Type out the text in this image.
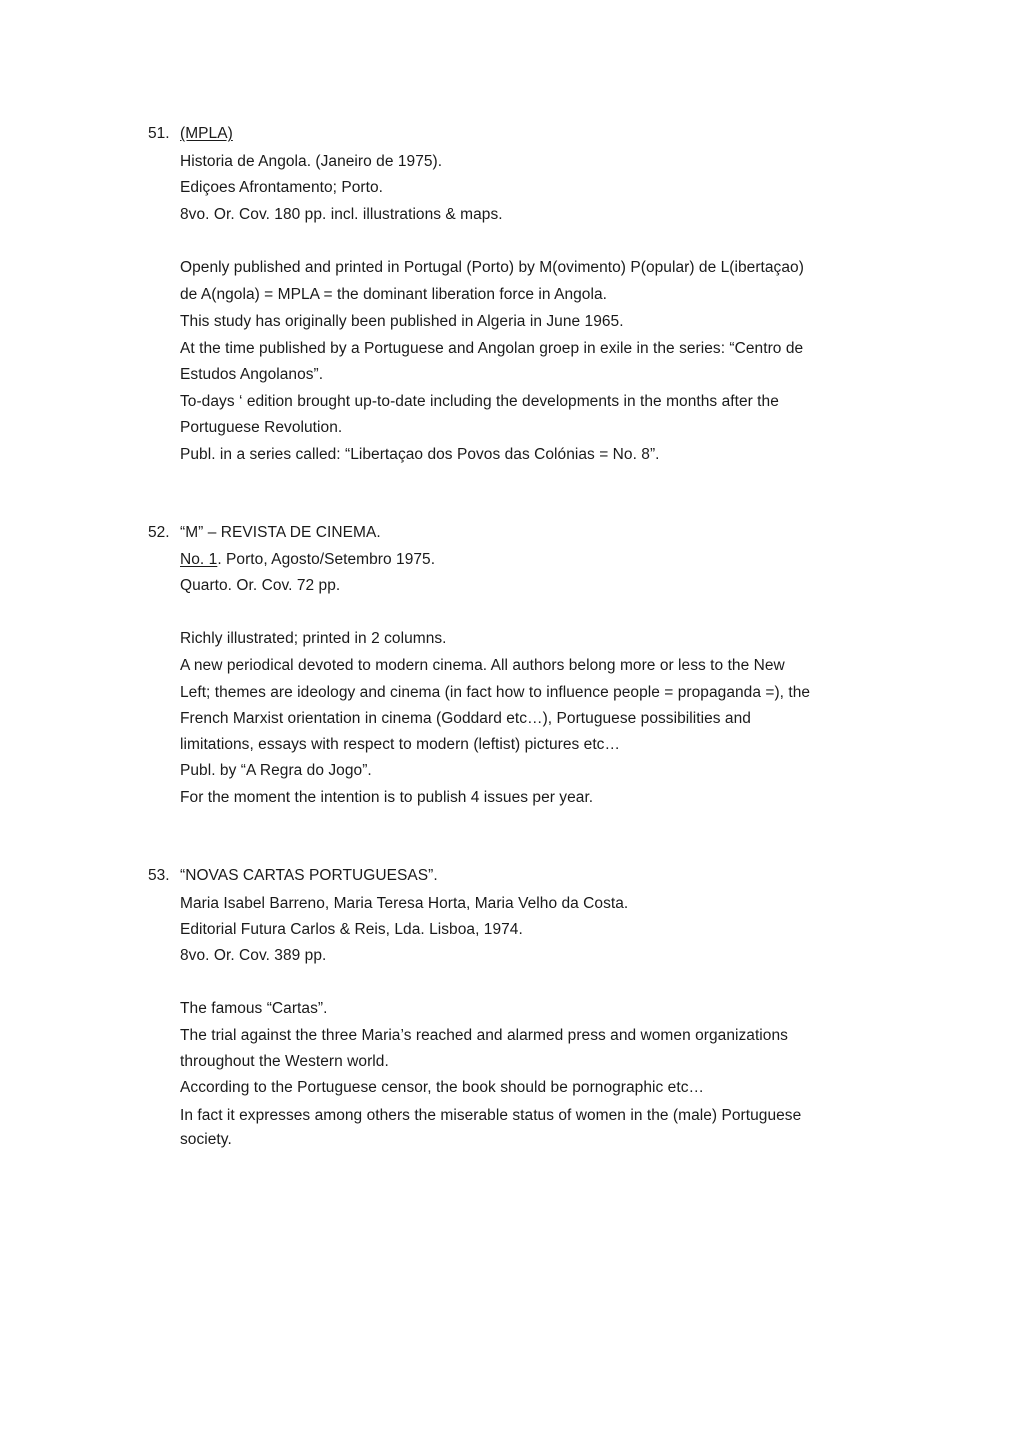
51. (MPLA)
Historia de Angola. (Janeiro de 1975).
Ediçoes Afrontamento; Porto.
8vo. Or. Cov. 180 pp. incl. illustrations & maps.
Openly published and printed in Portugal (Porto) by M(ovimento) P(opular) de L(ibertaçao)
de A(ngola) = MPLA = the dominant liberation force in Angola.
This study has originally been published in Algeria in June 1965.
At the time published by a Portuguese and Angolan groep in exile in the series: “Centro de
Estudos Angolanos”.
To-days ‘ edition brought up-to-date including the developments in the months after the
Portuguese Revolution.
Publ. in a series called: “Libertaçao dos Povos das Colónias = No. 8”.
52. “M” – REVISTA DE CINEMA.
No. 1. Porto, Agosto/Setembro 1975.
Quarto. Or. Cov. 72 pp.
Richly illustrated; printed in 2 columns.
A new periodical devoted to modern cinema. All authors belong more or less to the New
Left; themes are ideology and cinema (in fact how to influence people = propaganda =), the
French Marxist orientation in cinema (Goddard etc…), Portuguese possibilities and
limitations, essays with respect to modern (leftist) pictures etc…
Publ. by “A Regra do Jogo”.
For the moment the intention is to publish 4 issues per year.
53. “NOVAS CARTAS PORTUGUESAS”.
Maria Isabel Barreno, Maria Teresa Horta, Maria Velho da Costa.
Editorial Futura Carlos & Reis, Lda. Lisboa, 1974.
8vo. Or. Cov. 389 pp.
The famous “Cartas”.
The trial against the three Maria’s reached and alarmed press and women organizations
throughout the Western world.
According to the Portuguese censor, the book should be pornographic etc…
In fact it expresses among others the miserable status of women in the (male) Portuguese
society.
